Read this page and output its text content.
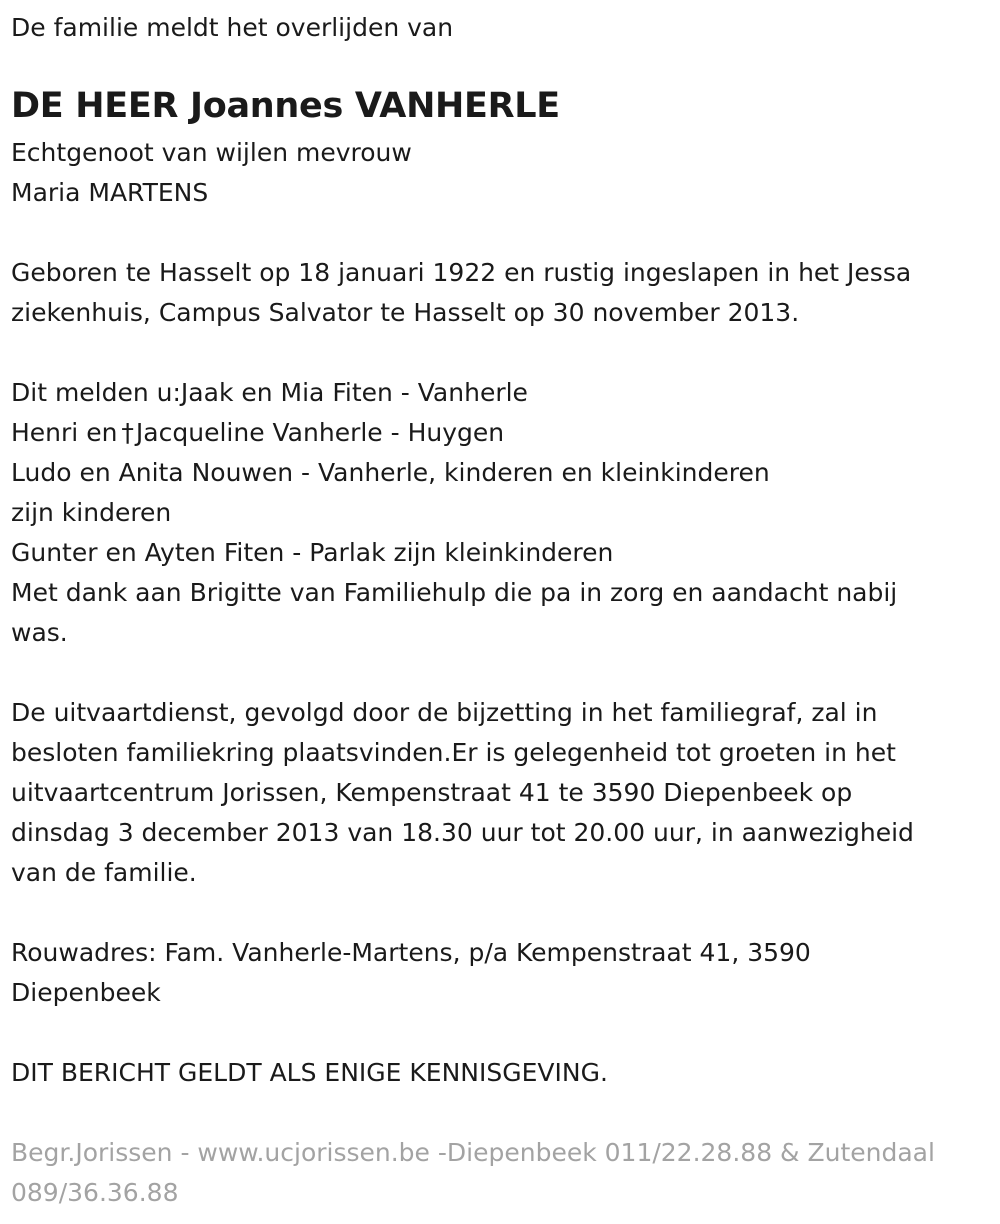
De familie meldt het overlijden van
DE HEER Joannes VANHERLE
Echtgenoot van wijlen mevrouw
Maria MARTENS
Geboren te Hasselt op 18 januari 1922 en rustig ingeslapen in het Jessa
ziekenhuis, Campus Salvator te Hasselt op 30 november 2013.
Dit melden u:Jaak en Mia Fiten - Vanherle
Henri en †Jacqueline Vanherle - Huygen
Ludo en Anita Nouwen - Vanherle, kinderen en kleinkinderen
zijn kinderen
Gunter en Ayten Fiten - Parlak zijn kleinkinderen
Met dank aan Brigitte van Familiehulp die pa in zorg en aandacht nabij
was.
De uitvaartdienst, gevolgd door de bijzetting in het familiegraf, zal in
besloten familiekring plaatsvinden.Er is gelegenheid tot groeten in het
uitvaartcentrum Jorissen, Kempenstraat 41 te 3590 Diepenbeek op
dinsdag 3 december 2013 van 18.30 uur tot 20.00 uur, in aanwezigheid
van de familie.
Rouwadres: Fam. Vanherle-Martens, p/a Kempenstraat 41, 3590
Diepenbeek
DIT BERICHT GELDT ALS ENIGE KENNISGEVING.
Begr.Jorissen - www.ucjorissen.be -Diepenbeek 011/22.28.88 & Zutendaal
089/36.36.88
